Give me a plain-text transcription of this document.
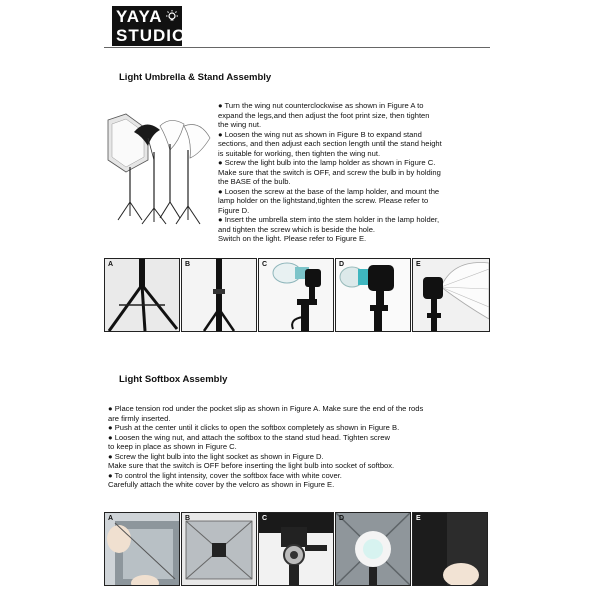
YAYA
STUDIOS
Light Umbrella & Stand Assembly
● Turn the wing nut counterclockwise as shown in Figure A to
expand the legs,and then adjust the foot print size, then tighten
the wing nut.
● Loosen the wing nut as shown in Figure B to expand stand
sections, and then adjust each section length until the stand height
is suitable for working, then tighten the wing nut.
● Screw the light bulb into the lamp holder as shown in Figure C.
Make sure that the switch is OFF, and screw the bulb in by holding
the BASE of the bulb.
● Loosen the screw at the base of the lamp holder, and mount the
lamp holder on the lightstand,tighten the screw. Please refer to
Figure D.
● Insert the umbrella stem into the stem holder in the lamp holder,
and tighten the screw which is beside the hole.
Switch on the light. Please refer to Figure E.
A	B	C	D	E
Light Softbox Assembly
● Place tension rod under the pocket slip as shown in Figure A. Make sure the end of the rods
are firmly inserted.
● Push at the center until it clicks to open the softbox completely as shown in Figure B.
● Loosen the wing nut, and attach the softbox to the stand stud head. Tighten screw
to keep in place as shown in Figure C.
● Screw the light bulb into the light socket as shown in Figure D.
Make sure that the switch is OFF before inserting the light bulb into socket of softbox.
● To control the light intensity, cover the softbox face with white cover.
Carefully attach the white cover by the velcro as shown in Figure E.
A	B	C	D	E
